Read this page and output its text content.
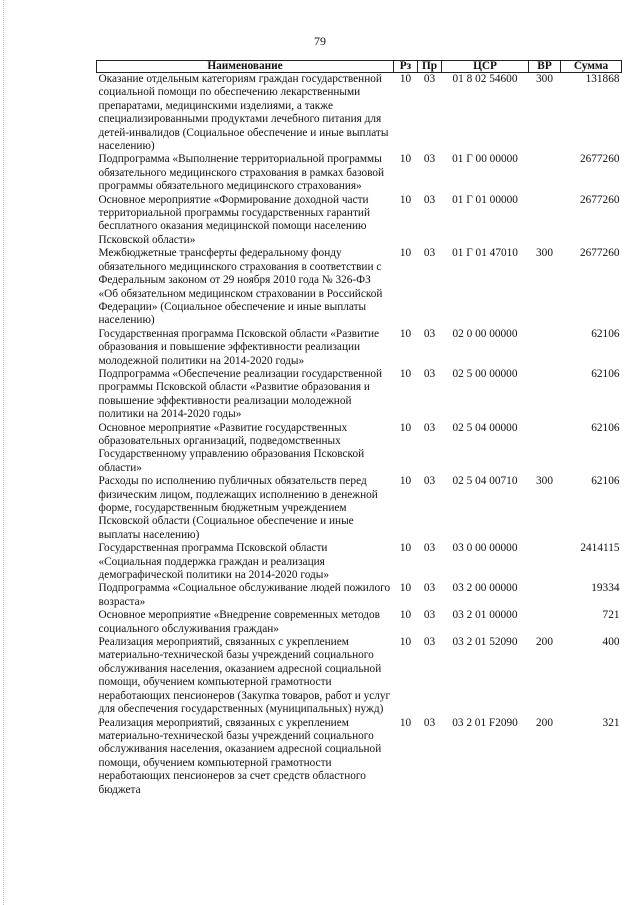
79
Наименование	Рз	Пр	ЦСР	ВР	Сумма
Оказание отдельным категориям граждан государственной социальной помощи по обеспечению лекарственными препаратами, медицинскими изделиями, а также специализированными продуктами лечебного питания для детей-инвалидов (Социальное обеспечение и иные выплаты населению)	10	03	01 8 02 54600	300	131868
Подпрограмма «Выполнение территориальной программы обязательного медицинского страхования в рамках базовой программы обязательного медицинского страхования»	10	03	01 Г 00 00000		2677260
Основное мероприятие «Формирование доходной части территориальной программы государственных гарантий бесплатного оказания медицинской помощи населению Псковской области»	10	03	01 Г 01 00000		2677260
Межбюджетные трансферты федеральному фонду обязательного медицинского страхования в соответствии с Федеральным законом от 29 ноября 2010 года № 326-ФЗ «Об обязательном медицинском страховании в Российской Федерации» (Социальное обеспечение и иные выплаты населению)	10	03	01 Г 01 47010	300	2677260
Государственная программа Псковской области «Развитие образования и повышение эффективности реализации молодежной политики на 2014-2020 годы»	10	03	02 0 00 00000		62106
Подпрограмма «Обеспечение реализации государственной программы Псковской области «Развитие образования и повышение эффективности реализации молодежной политики на 2014-2020 годы»	10	03	02 5 00 00000		62106
Основное мероприятие «Развитие государственных образовательных организаций, подведомственных Государственному управлению образования Псковской области»	10	03	02 5 04 00000		62106
Расходы по исполнению публичных обязательств перед физическим лицом, подлежащих исполнению в денежной форме, государственным бюджетным учреждением Псковской области (Социальное обеспечение и иные выплаты населению)	10	03	02 5 04 00710	300	62106
Государственная программа Псковской области «Социальная поддержка граждан и реализация демографической политики на 2014-2020 годы»	10	03	03 0 00 00000		2414115
Подпрограмма «Социальное обслуживание людей пожилого возраста»	10	03	03 2 00 00000		19334
Основное мероприятие «Внедрение современных методов социального обслуживания граждан»	10	03	03 2 01 00000		721
Реализация мероприятий, связанных с укреплением материально-технической базы учреждений социального обслуживания населения, оказанием адресной социальной помощи, обучением компьютерной грамотности неработающих пенсионеров (Закупка товаров, работ и услуг для обеспечения государственных (муниципальных) нужд)	10	03	03 2 01 52090	200	400
Реализация мероприятий, связанных с укреплением материально-технической базы учреждений социального обслуживания населения, оказанием адресной социальной помощи, обучением компьютерной грамотности неработающих пенсионеров за счет средств областного бюджета	10	03	03 2 01 F2090	200	321
